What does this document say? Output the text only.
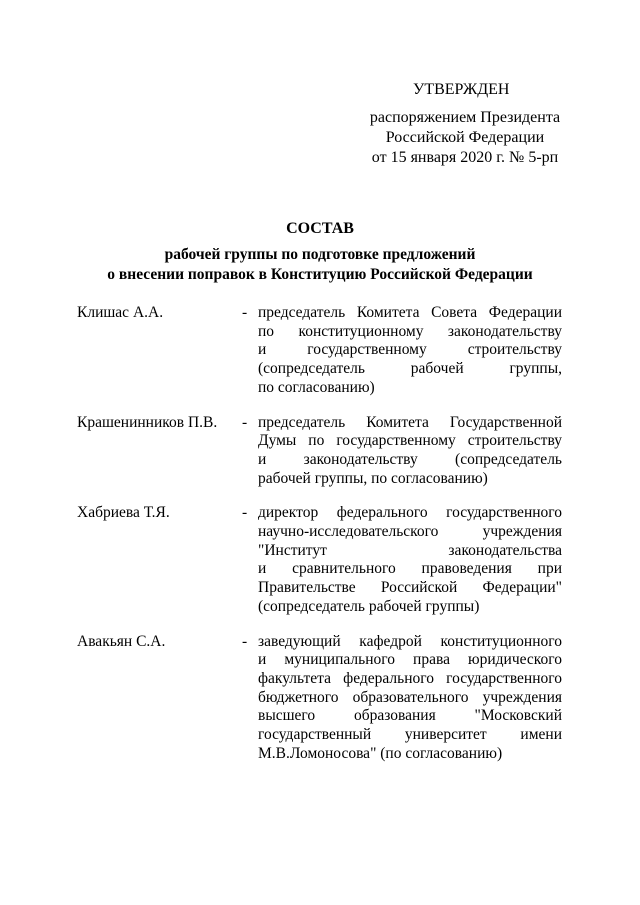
УТВЕРЖДЕН
распоряжением Президента
Российской Федерации
от 15 января 2020 г. № 5-рп
СОСТАВ
рабочей группы по подготовке предложений
о внесении поправок в Конституцию Российской Федерации
Клишас А.А.	- председатель Комитета Совета Федерации
по конституционному законодательству
и государственному строительству
(сопредседатель рабочей группы,
по согласованию)
Крашенинников П.В.	- председатель Комитета Государственной
Думы по государственному строительству
и законодательству (сопредседатель
рабочей группы, по согласованию)
Хабриева Т.Я.	- директор федерального государственного
научно-исследовательского учреждения
"Институт законодательства
и сравнительного правоведения при
Правительстве Российской Федерации"
(сопредседатель рабочей группы)
Авакьян С.А.	- заведующий кафедрой конституционного
и муниципального права юридического
факультета федерального государственного
бюджетного образовательного учреждения
высшего образования "Московский
государственный университет имени
М.В.Ломоносова" (по согласованию)
